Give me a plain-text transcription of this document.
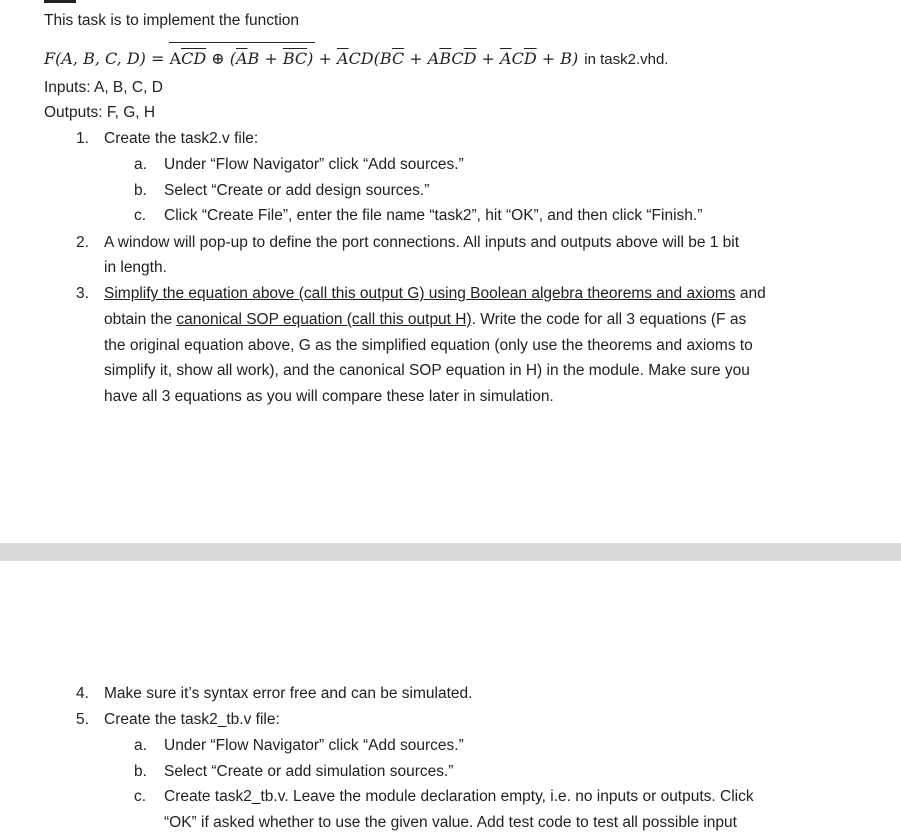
This task is to implement the function
F(A, B, C, $D) = A\overline{C}\overline{D}$ ⊕ $(\overline{A}B + \overline{BC}) + \overline{A}CD(B\overline{C} + A\overline{B}C\overline{D} + \overline{A}C\overline{D} + B)$ in task2.vhd.
Inputs: A, B, C, D
Outputs: F, G, H
1. Create the task2.v file:
a. Under “Flow Navigator” click “Add sources.”
b. Select “Create or add design sources.”
c. Click “Create File”, enter the file name “task2”, hit “OK”, and then click “Finish.”
2. A window will pop-up to define the port connections. All inputs and outputs above will be 1 bit
in length.
3. Simplify the equation above (call this output G) using Boolean algebra theorems and axioms and
obtain the canonical SOP equation (call this output H). Write the code for all 3 equations (F as
the original equation above, G as the simplified equation (only use the theorems and axioms to
simplify it, show all work), and the canonical SOP equation in H) in the module. Make sure you
have all 3 equations as you will compare these later in simulation.
4. Make sure it’s syntax error free and can be simulated.
5. Create the task2_tb.v file:
a. Under “Flow Navigator” click “Add sources.”
b. Select “Create or add simulation sources.”
c. Create task2_tb.v. Leave the module declaration empty, i.e. no inputs or outputs. Click
“OK” if asked whether to use the given value. Add test code to test all possible input
